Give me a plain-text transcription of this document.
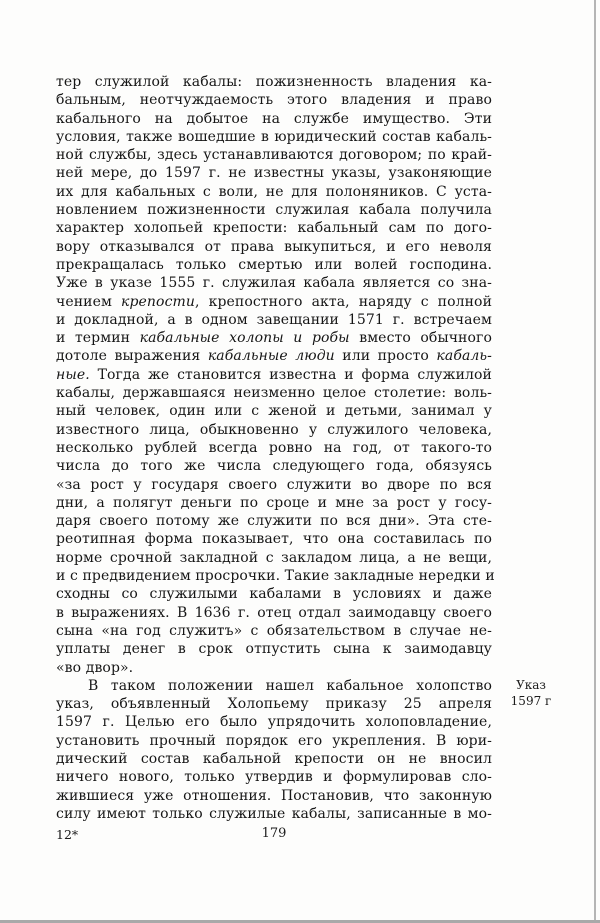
тер служилой кабалы: пожизненность владения ка-
бальным, неотчуждаемость этого владения и право
кабального на добытое на службе имущество. Эти
условия, также вошедшие в юридический состав кабаль-
ной службы, здесь устанавливаются договором; по край-
ней мере, до 1597 г. не известны указы, узаконяющие
их для кабальных с воли, не для полоняников. С уста-
новлением пожизненности служилая кабала получила
характер холопьей крепости: кабальный сам по дого-
вору отказывался от права выкупиться, и его неволя
прекращалась только смертью или волей господина.
Уже в указе 1555 г. служилая кабала является со зна-
чением крепости, крепостного акта, наряду с полной
и докладной, а в одном завещании 1571 г. встречаем
и термин кабальные холопы и робы вместо обычного
дотоле выражения кабальные люди или просто кабаль-
ные. Тогда же становится известна и форма служилой
кабалы, державшаяся неизменно целое столетие: воль-
ный человек, один или с женой и детьми, занимал у
известного лица, обыкновенно у служилого человека,
несколько рублей всегда ровно на год, от такого-то
числа до того же числа следующего года, обязуясь
«за рост у государя своего служити во дворе по вся
дни, а полягут деньги по сроце и мне за рост у госу-
даря своего потому же служити по вся дни». Эта сте-
реотипная форма показывает, что она составилась по
норме срочной закладной с закладом лица, а не вещи,
и с предвидением просрочки. Такие закладные нередки и
сходны со служилыми кабалами в условиях и даже
в выражениях. В 1636 г. отец отдал заимодавцу своего
сына «на год служитъ» с обязательством в случае не-
уплаты денег в срок отпустить сына к заимодавцу
«во двор».
В таком положении нашел кабальное холопство
указ, объявленный Холопьему приказу 25 апреля
1597 г. Целью его было упрядочить холоповладение,
установить прочный порядок его укрепления. В юри-
дический состав кабальной крепости он не вносил
ничего нового, только утвердив и формулировав сло-
жившиеся уже отношения. Постановив, что законную
силу имеют только служилые кабалы, записанные в мо-
Указ
1597 г
12*	179
